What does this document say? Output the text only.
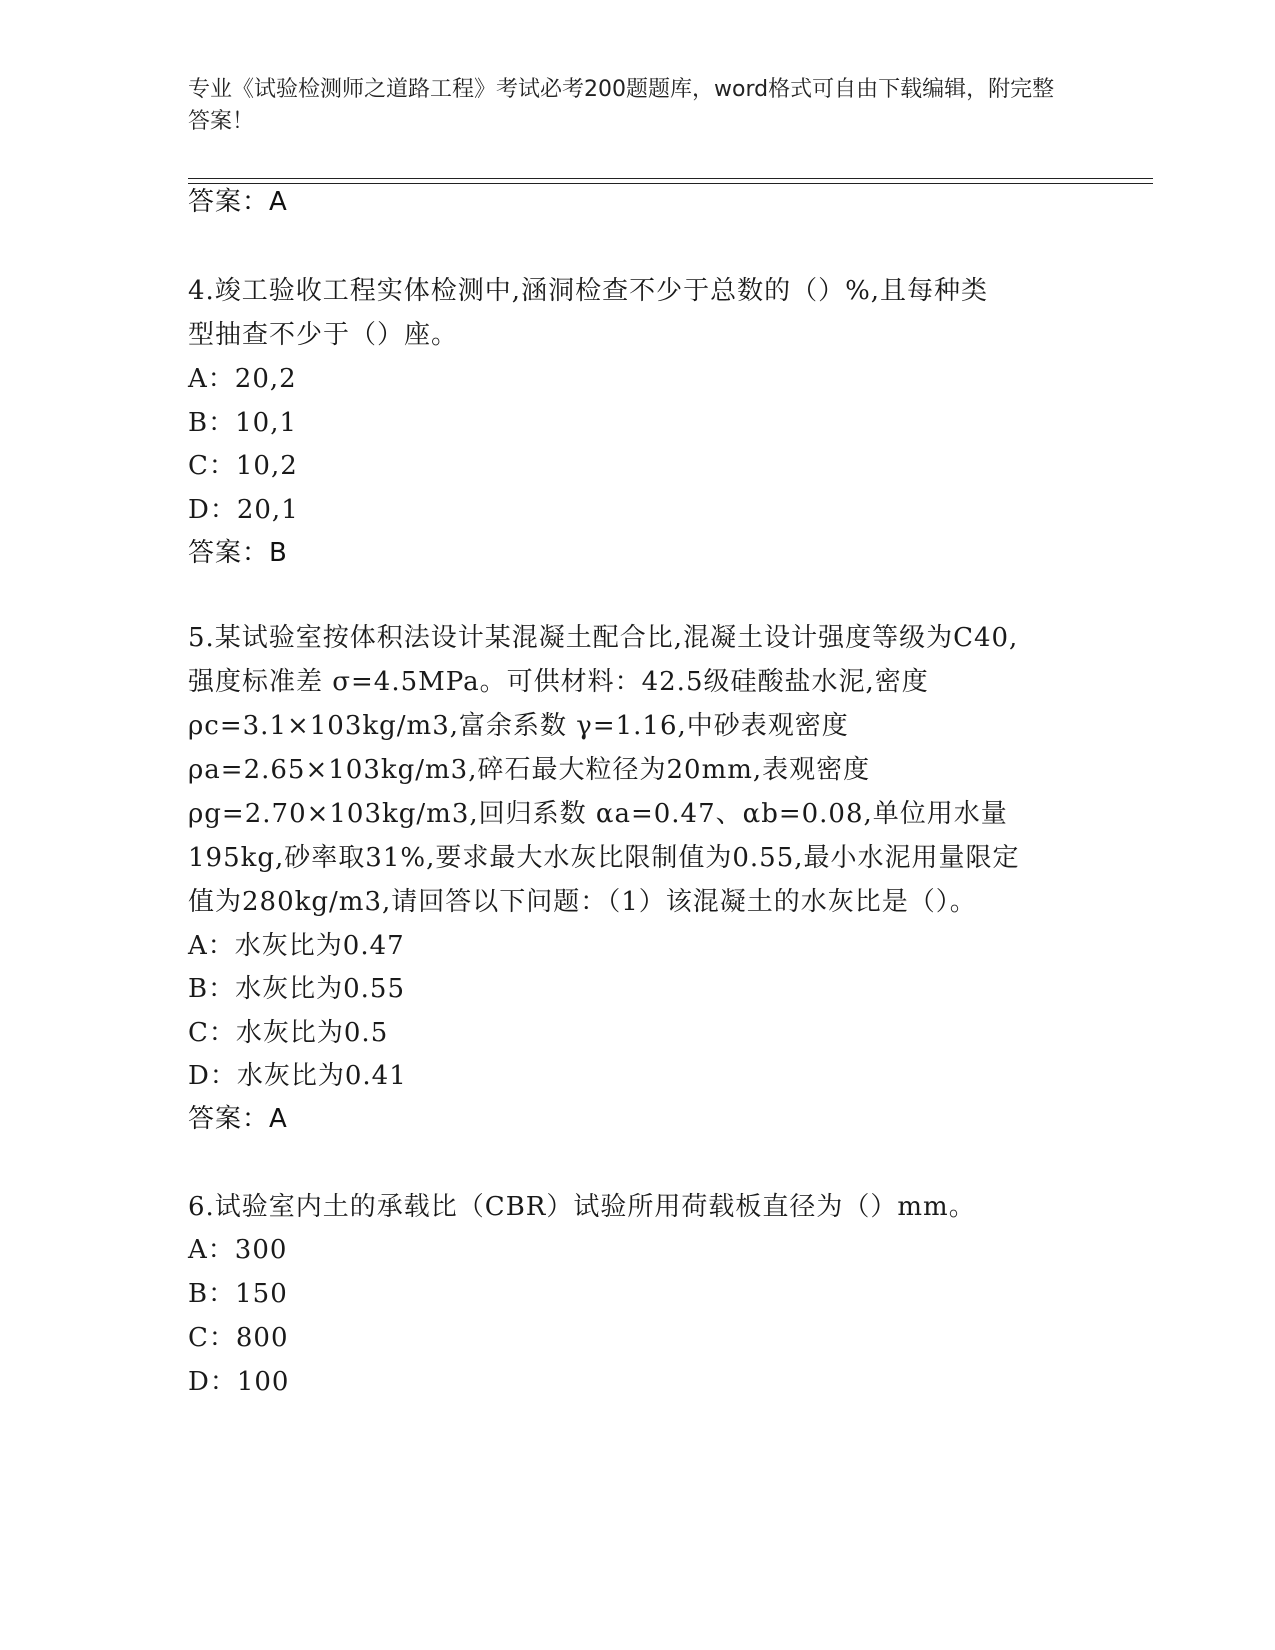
专业《试验检测师之道路工程》考试必考200题题库，word格式可自由下载编辑，附完整答案！
答案：A
4.竣工验收工程实体检测中,涵洞检查不少于总数的（）%,且每种类
型抽查不少于（）座。
A：20,2
B：10,1
C：10,2
D：20,1
答案：B
5.某试验室按体积法设计某混凝土配合比,混凝土设计强度等级为C40,
强度标准差 σ=4.5MPa。可供材料：42.5级硅酸盐水泥,密度
ρc=3.1×103kg/m3,富余系数 γ=1.16,中砂表观密度
ρa=2.65×103kg/m3,碎石最大粒径为20mm,表观密度
ρg=2.70×103kg/m3,回归系数 αa=0.47、αb=0.08,单位用水量
195kg,砂率取31%,要求最大水灰比限制值为0.55,最小水泥用量限定
值为280kg/m3,请回答以下问题：（1）该混凝土的水灰比是（）。
A：水灰比为0.47
B：水灰比为0.55
C：水灰比为0.5
D：水灰比为0.41
答案：A
6.试验室内土的承载比（CBR）试验所用荷载板直径为（）mm。
A：300
B：150
C：800
D：100
